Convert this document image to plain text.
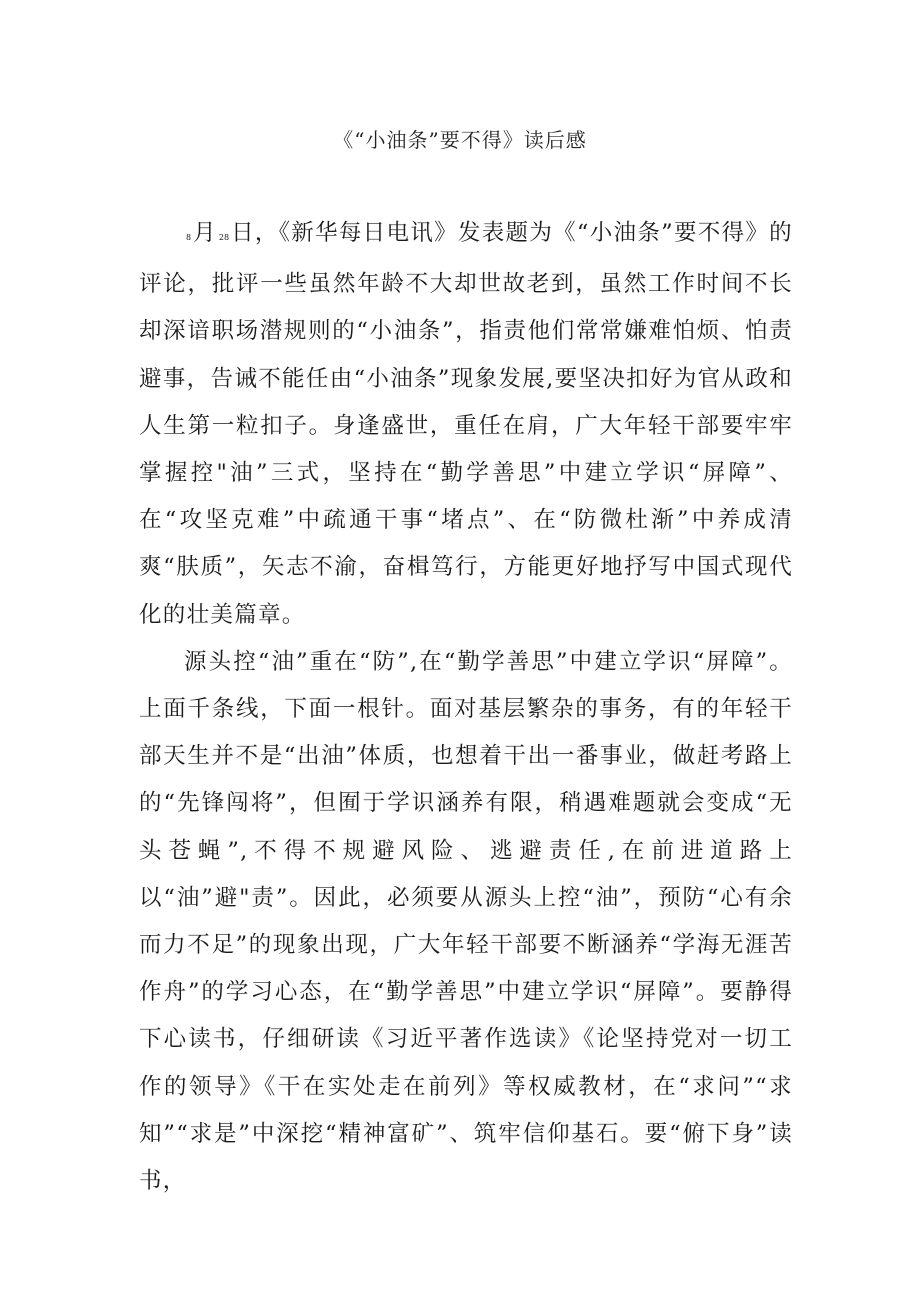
《“小油条”要不得》读后感

8月 28日，《新华每日电讯》发表题为《“小油条”要不得》的评论，批评一些虽然年龄不大却世故老到，虽然工作时间不长却深谙职场潜规则的“小油条”，指责他们常常嫌难怕烦、怕责避事，告诫不能任由“小油条”现象发展,要坚决扣好为官从政和人生第一粒扣子。身逢盛世，重任在肩，广大年轻干部要牢牢掌握控"油”三式，坚持在“勤学善思”中建立学识“屏障”、在“攻坚克难”中疏通干事“堵点”、在“防微杜渐”中养成清爽“肤质”，矢志不渝，奋楫笃行，方能更好地抒写中国式现代化的壮美篇章。

源头控“油”重在“防”,在“勤学善思”中建立学识“屏障”。上面千条线，下面一根针。面对基层繁杂的事务，有的年轻干部天生并不是“出油”体质，也想着干出一番事业，做赶考路上的“先锋闯将”，但囿于学识涵养有限，稍遇难题就会变成“无头苍蝇”,不得不规避风险、逃避责任,在前进道路上以“油”避"责”。因此，必须要从源头上控“油”，预防“心有余而力不足”的现象出现，广大年轻干部要不断涵养“学海无涯苦作舟”的学习心态，在“勤学善思”中建立学识“屏障”。要静得下心读书，仔细研读《习近平著作选读》《论坚持党对一切工作的领导》《干在实处走在前列》等权威教材，在“求问”“求知”“求是”中深挖“精神富矿”、筑牢信仰基石。要“俯下身”读书，
